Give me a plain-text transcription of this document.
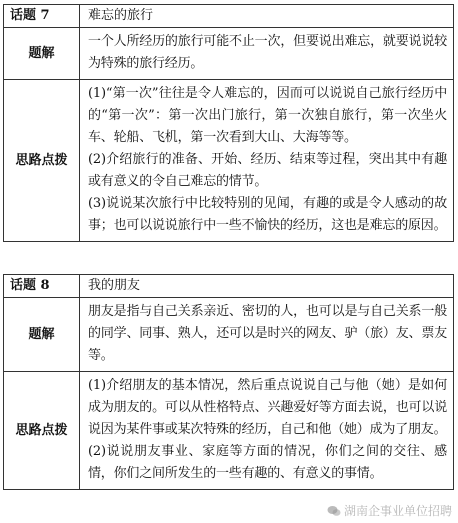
话题 7	难忘的旅行
题解	一个人所经历的旅行可能不止一次，但要说出难忘，就要说说较为特殊的旅行经历。

思路点拨	(1)“第一次”往往是令人难忘的，因而可以说说自己旅行经历中的“第一次”：第一次出门旅行，第一次独自旅行，第一次坐火车、轮船、飞机，第一次看到大山、大海等等。

(2)介绍旅行的准备、开始、经历、结束等过程，突出其中有趣或有意义的令自己难忘的情节。

(3)说说某次旅行中比较特别的见闻，有趣的或是令人感动的故事；也可以说说旅行中一些不愉快的经历，这也是难忘的原因。

话题 8	我的朋友
题解	朋友是指与自己关系亲近、密切的人，也可以是与自己关系一般的同学、同事、熟人，还可以是时兴的网友、驴（旅）友、票友等。

思路点拨	(1)介绍朋友的基本情况，然后重点说说自己与他（她）是如何成为朋友的。可以从性格特点、兴趣爱好等方面去说，也可以说说因为某件事或某次特殊的经历，自己和他（她）成为了朋友。

(2)说说朋友事业、家庭等方面的情况，你们之间的交往、感情，你们之间所发生的一些有趣的、有意义的事情。

湖南企事业单位招聘
